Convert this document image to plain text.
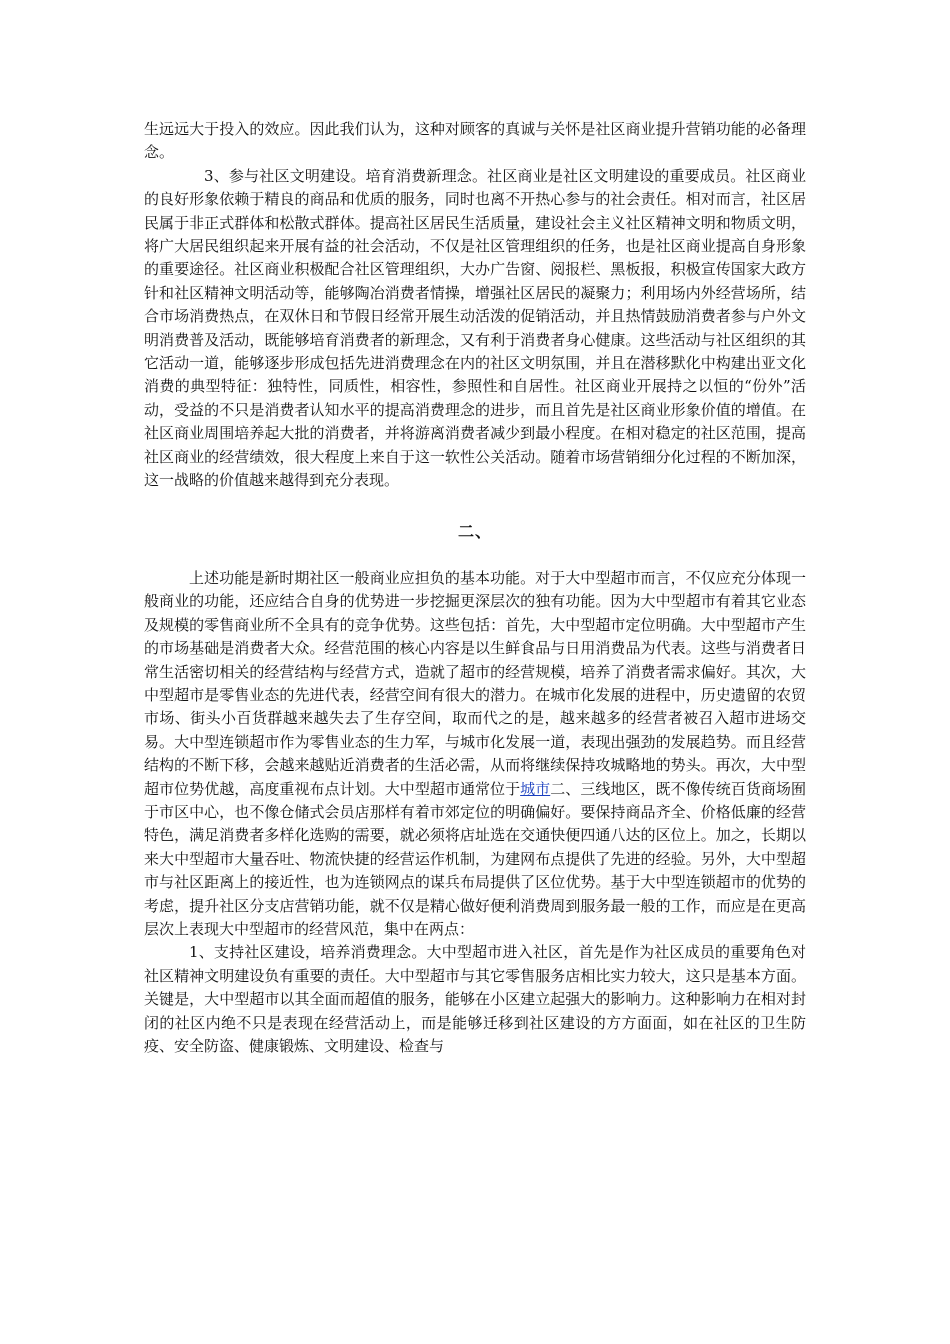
生远远大于投入的效应。因此我们认为，这种对顾客的真诚与关怀是社区商业提升营销功能的必备理念。

3、参与社区文明建设。培育消费新理念。社区商业是社区文明建设的重要成员。社区商业的良好形象依赖于精良的商品和优质的服务，同时也离不开热心参与的社会责任。相对而言，社区居民属于非正式群体和松散式群体。提高社区居民生活质量，建设社会主义社区精神文明和物质文明，将广大居民组织起来开展有益的社会活动，不仅是社区管理组织的任务，也是社区商业提高自身形象的重要途径。社区商业积极配合社区管理组织，大办广告窗、阅报栏、黑板报，积极宣传国家大政方针和社区精神文明活动等，能够陶冶消费者情操，增强社区居民的凝聚力；利用场内外经营场所，结合市场消费热点，在双休日和节假日经常开展生动活泼的促销活动，并且热情鼓励消费者参与户外文明消费普及活动，既能够培育消费者的新理念，又有利于消费者身心健康。这些活动与社区组织的其它活动一道，能够逐步形成包括先进消费理念在内的社区文明氛围，并且在潜移默化中构建出亚文化消费的典型特征：独特性，同质性，相容性，参照性和自居性。社区商业开展持之以恒的“份外”活动，受益的不只是消费者认知水平的提高消费理念的进步，而且首先是社区商业形象价值的增值。在社区商业周围培养起大批的消费者，并将游离消费者减少到最小程度。在相对稳定的社区范围，提高社区商业的经营绩效，很大程度上来自于这一软性公关活动。随着市场营销细分化过程的不断加深，这一战略的价值越来越得到充分表现。

二、

上述功能是新时期社区一般商业应担负的基本功能。对于大中型超市而言，不仅应充分体现一般商业的功能，还应结合自身的优势进一步挖掘更深层次的独有功能。因为大中型超市有着其它业态及规模的零售商业所不全具有的竞争优势。这些包括：首先，大中型超市定位明确。大中型超市产生的市场基础是消费者大众。经营范围的核心内容是以生鲜食品与日用消费品为代表。这些与消费者日常生活密切相关的经营结构与经营方式，造就了超市的经营规模，培养了消费者需求偏好。其次，大中型超市是零售业态的先进代表，经营空间有很大的潜力。在城市化发展的进程中，历史遗留的农贸市场、街头小百货群越来越失去了生存空间，取而代之的是，越来越多的经营者被召入超市进场交易。大中型连锁超市作为零售业态的生力军，与城市化发展一道，表现出强劲的发展趋势。而且经营结构的不断下移，会越来越贴近消费者的生活必需，从而将继续保持攻城略地的势头。再次，大中型超市位势优越，高度重视布点计划。大中型超市通常位于城市二、三线地区，既不像传统百货商场囿于市区中心，也不像仓储式会员店那样有着市郊定位的明确偏好。要保持商品齐全、价格低廉的经营特色，满足消费者多样化选购的需要，就必须将店址选在交通快便四通八达的区位上。加之，长期以来大中型超市大量吞吐、物流快捷的经营运作机制，为建网布点提供了先进的经验。另外，大中型超市与社区距离上的接近性，也为连锁网点的谋兵布局提供了区位优势。基于大中型连锁超市的优势的考虑，提升社区分支店营销功能，就不仅是精心做好便利消费周到服务最一般的工作，而应是在更高层次上表现大中型超市的经营风范，集中在两点：

1、支持社区建设，培养消费理念。大中型超市进入社区，首先是作为社区成员的重要角色对社区精神文明建设负有重要的责任。大中型超市与其它零售服务店相比实力较大，这只是基本方面。关键是，大中型超市以其全面而超值的服务，能够在小区建立起强大的影响力。这种影响力在相对封闭的社区内绝不只是表现在经营活动上，而是能够迁移到社区建设的方方面面，如在社区的卫生防疫、安全防盗、健康锻炼、文明建设、检查与
